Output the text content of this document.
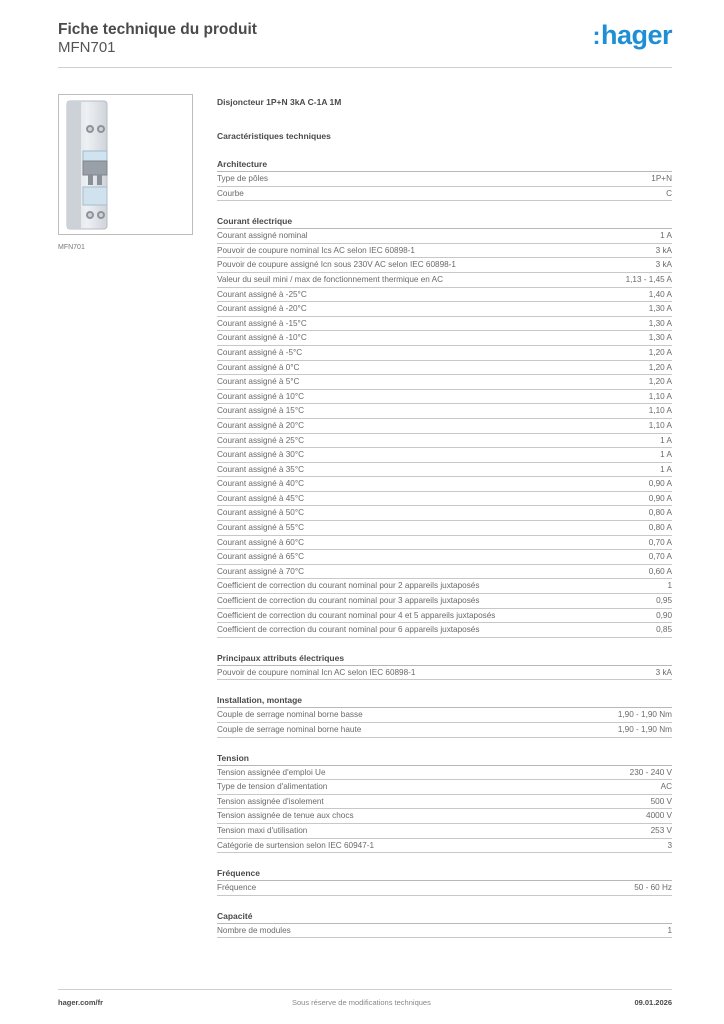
Fiche technique du produit
MFN701	:hager
MFN701
Disjoncteur 1P+N 3kA C-1A 1M
Caractéristiques techniques
Architecture
Type de pôles	1P+N
Courbe	C
Courant électrique
Courant assigné nominal	1 A
Pouvoir de coupure nominal Ics AC selon IEC 60898-1	3 kA
Pouvoir de coupure assigné Icn sous 230V AC selon IEC 60898-1	3 kA
Valeur du seuil mini / max de fonctionnement thermique en AC	1,13 - 1,45 A
Courant assigné à -25°C	1,40 A
Courant assigné à -20°C	1,30 A
Courant assigné à -15°C	1,30 A
Courant assigné à -10°C	1,30 A
Courant assigné à -5°C	1,20 A
Courant assigné à 0°C	1,20 A
Courant assigné à 5°C	1,20 A
Courant assigné à 10°C	1,10 A
Courant assigné à 15°C	1,10 A
Courant assigné à 20°C	1,10 A
Courant assigné à 25°C	1 A
Courant assigné à 30°C	1 A
Courant assigné à 35°C	1 A
Courant assigné à 40°C	0,90 A
Courant assigné à 45°C	0,90 A
Courant assigné à 50°C	0,80 A
Courant assigné à 55°C	0,80 A
Courant assigné à 60°C	0,70 A
Courant assigné à 65°C	0,70 A
Courant assigné à 70°C	0,60 A
Coefficient de correction du courant nominal pour 2 appareils juxtaposés	1
Coefficient de correction du courant nominal pour 3 appareils juxtaposés	0,95
Coefficient de correction du courant nominal pour 4 et 5 appareils juxtaposés	0,90
Coefficient de correction du courant nominal pour 6 appareils juxtaposés	0,85
Principaux attributs électriques
Pouvoir de coupure nominal Icn AC selon IEC 60898-1	3 kA
Installation, montage
Couple de serrage nominal borne basse	1,90 - 1,90 Nm
Couple de serrage nominal borne haute	1,90 - 1,90 Nm
Tension
Tension assignée d'emploi Ue	230 - 240 V
Type de tension d'alimentation	AC
Tension assignée d'isolement	500 V
Tension assignée de tenue aux chocs	4000 V
Tension maxi d'utilisation	253 V
Catégorie de surtension selon IEC 60947-1	3
Fréquence
Fréquence	50 - 60 Hz
Capacité
Nombre de modules	1
hager.com/fr	Sous réserve de modifications techniques	09.01.2026
